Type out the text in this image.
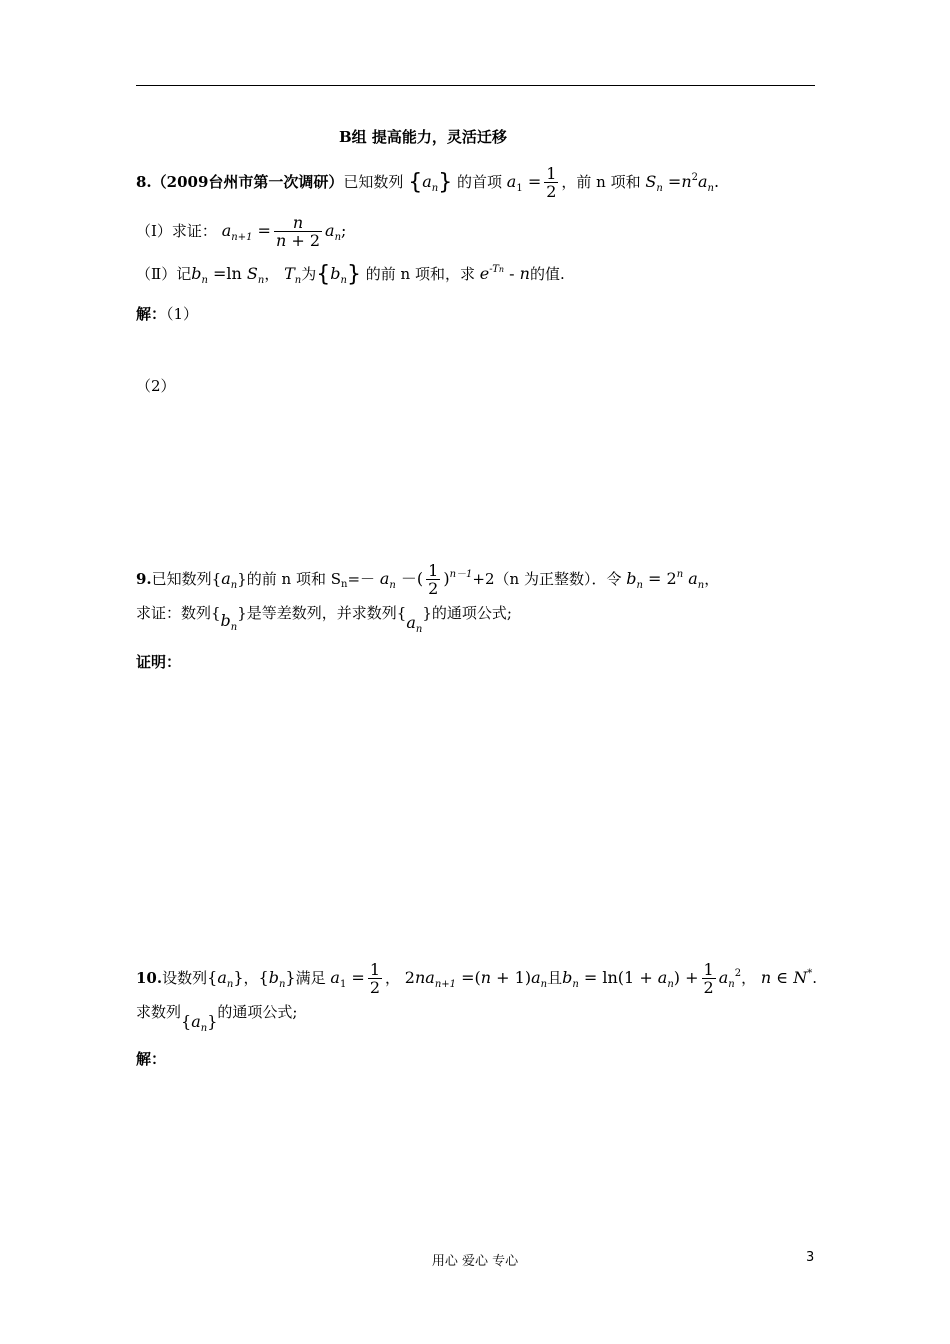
B组 提高能力，灵活迁移
8.（2009台州市第一次调研）已知数列 $\{a_n\}$ 的首项 $a_1 = \frac{1}{2}$ ，前 n 项和 $S_n =n^2a_n$.
（Ⅰ）求证： $a_{n+1} = \frac{n}{n + 2} a_n$;
（Ⅱ）记$b_n =\ln$ $S_n$， $T_n$为$\{b_n\}$ 的前 n 项和，求 $e^{-Tn}$ - n的值.
解：（1）
（2）
9.已知数列$\{a_n\}$的前 n 项和 $S_n=- a_n$ －( $\frac{1}{2} )^{n-1}+2(n$ 为正整数）．令 $b_n = 2^n$ $a_n$，
求证：数列$\{b_n\}$是等差数列，并求数列$\{a_n\}$的通项公式;
证明：
10.设数列$\{a_n\}$，$\{b_n\}$满足 $a_1 = \frac{1}{2}$ ， $2na_{n+1} =(n + 1)a_n$且$b_n = \ln(1 + a_n) + \frac{1}{2} a_n^2$， n ∈ N*.
求数列$\{a_n\}$的通项公式;
解：
用心 爱心 专心	3
